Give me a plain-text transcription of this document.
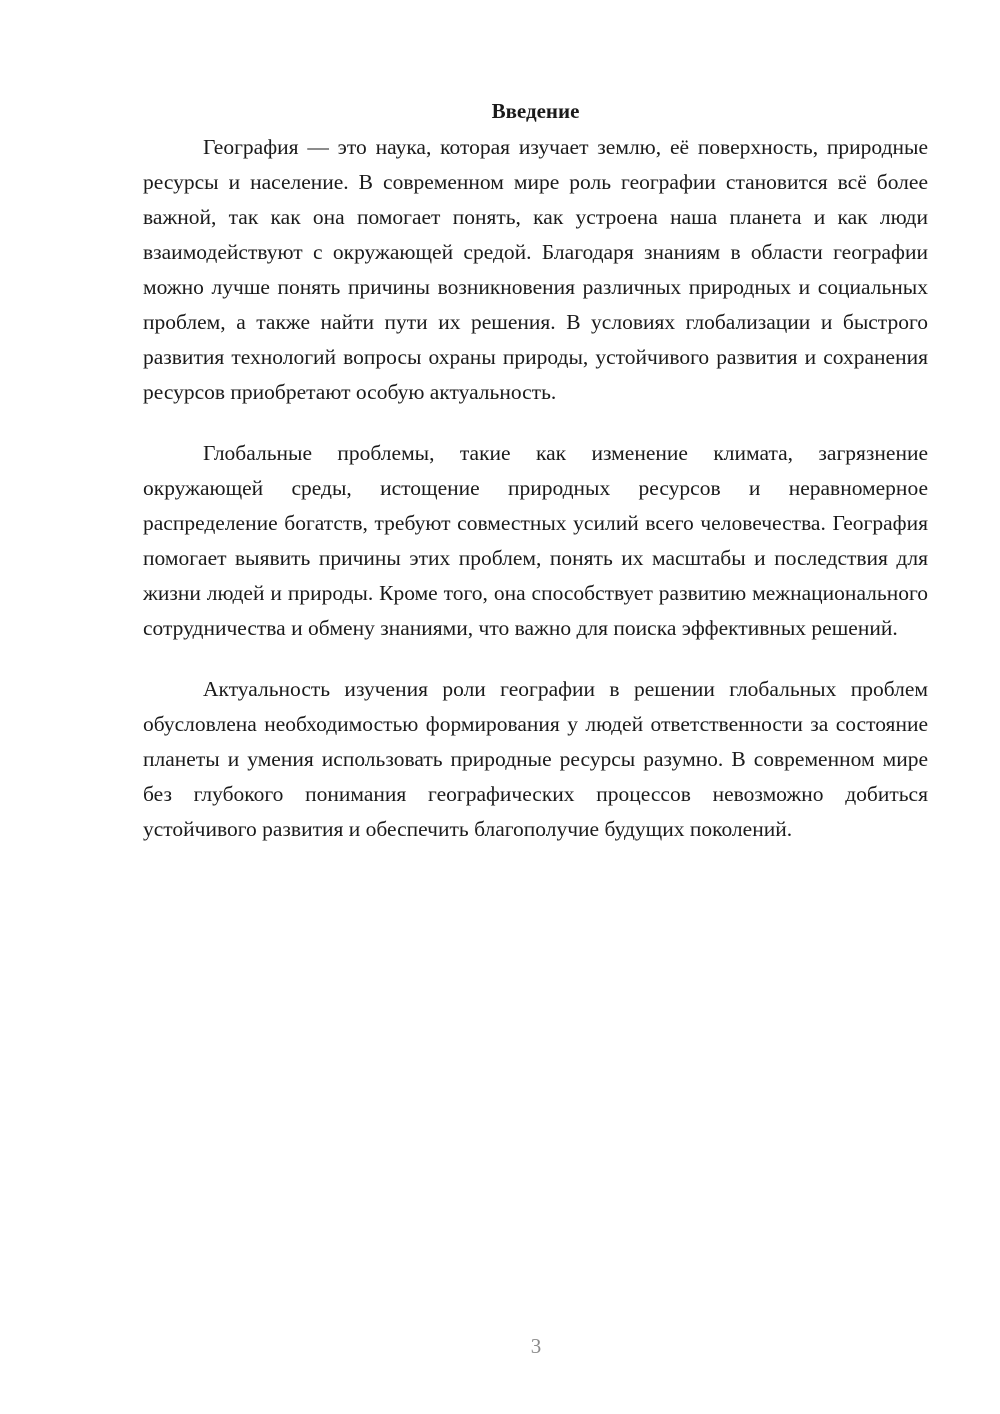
Введение

География — это наука, которая изучает землю, её поверхность, природные ресурсы и население. В современном мире роль географии становится всё более важной, так как она помогает понять, как устроена наша планета и как люди взаимодействуют с окружающей средой. Благодаря знаниям в области географии можно лучше понять причины возникновения различных природных и социальных проблем, а также найти пути их решения. В условиях глобализации и быстрого развития технологий вопросы охраны природы, устойчивого развития и сохранения ресурсов приобретают особую актуальность.

Глобальные проблемы, такие как изменение климата, загрязнение окружающей среды, истощение природных ресурсов и неравномерное распределение богатств, требуют совместных усилий всего человечества. География помогает выявить причины этих проблем, понять их масштабы и последствия для жизни людей и природы. Кроме того, она способствует развитию межнационального сотрудничества и обмену знаниями, что важно для поиска эффективных решений.

Актуальность изучения роли географии в решении глобальных проблем обусловлена необходимостью формирования у людей ответственности за состояние планеты и умения использовать природные ресурсы разумно. В современном мире без глубокого понимания географических процессов невозможно добиться устойчивого развития и обеспечить благополучие будущих поколений.

3
